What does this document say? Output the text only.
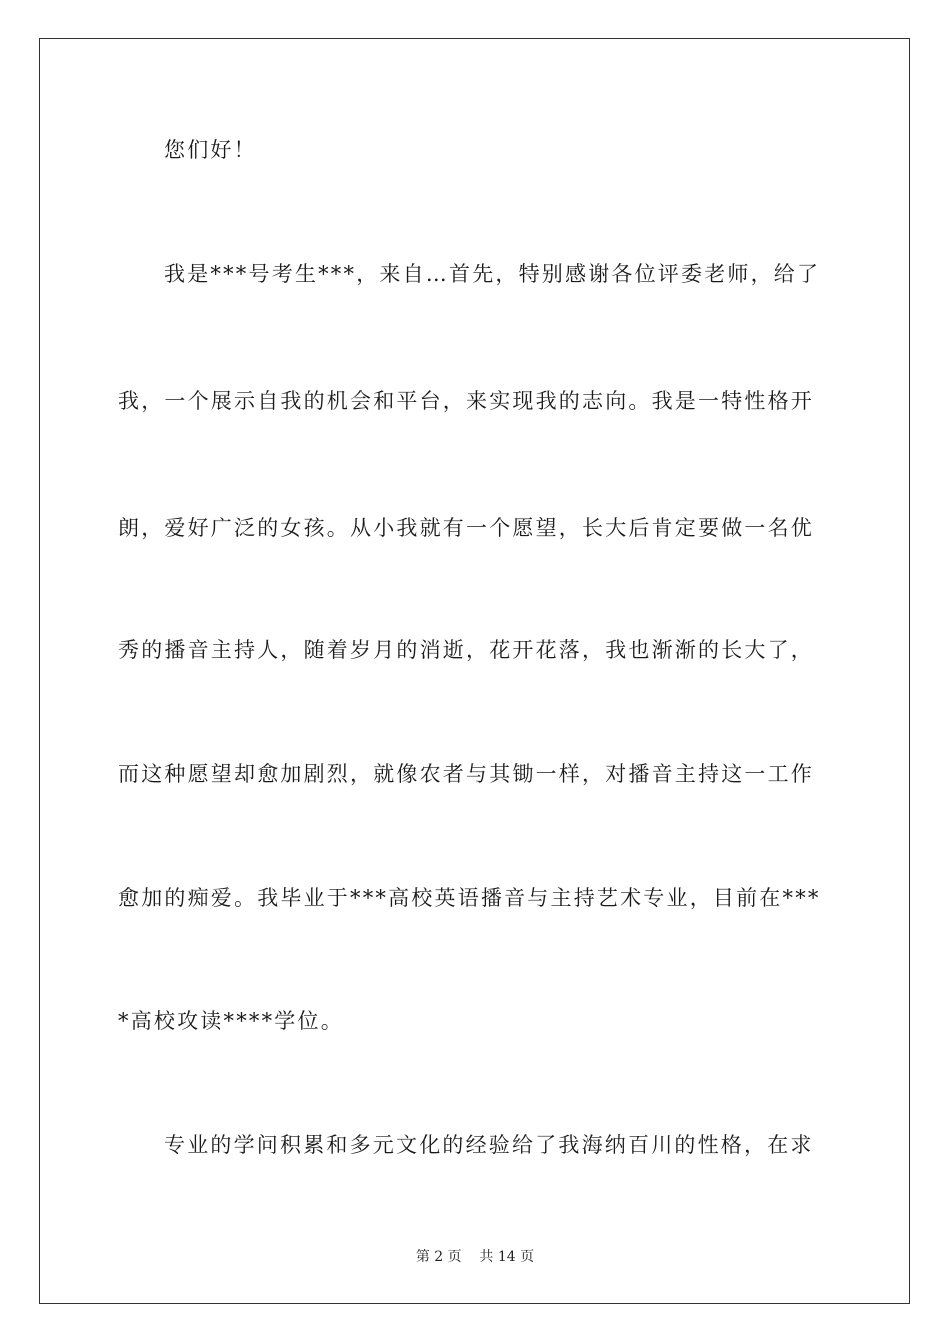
您们好！
我是***号考生***，来自…首先，特别感谢各位评委老师，给了
我，一个展示自我的机会和平台，来实现我的志向。我是一特性格开
朗，爱好广泛的女孩。从小我就有一个愿望，长大后肯定要做一名优
秀的播音主持人，随着岁月的消逝，花开花落，我也渐渐的长大了，
而这种愿望却愈加剧烈，就像农者与其锄一样，对播音主持这一工作
愈加的痴爱。我毕业于***高校英语播音与主持艺术专业，目前在***
*高校攻读****学位。
专业的学问积累和多元文化的经验给了我海纳百川的性格，在求
第 2 页    共 14 页
